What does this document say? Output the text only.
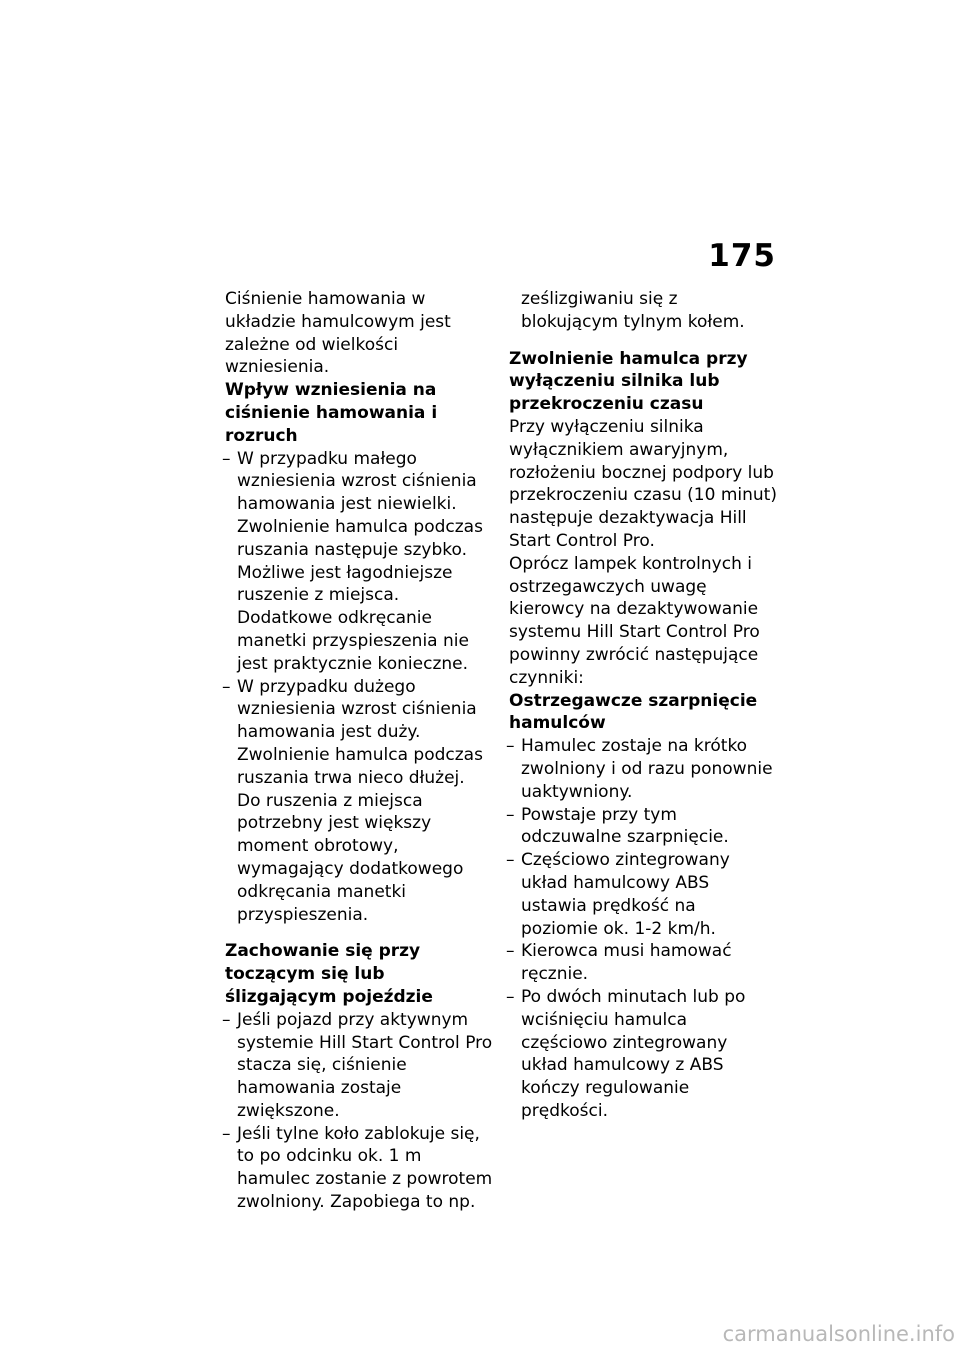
175

Ciśnienie hamowania w układzie hamulcowym jest zależne od wielkości wzniesienia.

Wpływ wzniesienia na ciśnienie hamowania i rozruch

– W przypadku małego wzniesienia wzrost ciśnienia hamowania jest niewielki. Zwolnienie hamulca podczas ruszania następuje szybko. Możliwe jest łagodniejsze ruszenie z miejsca. Dodatkowe odkręcanie manetki przyspieszenia nie jest praktycznie konieczne.
– W przypadku dużego wzniesienia wzrost ciśnienia hamowania jest duży. Zwolnienie hamulca podczas ruszania trwa nieco dłużej. Do ruszenia z miejsca potrzebny jest większy moment obrotowy, wymagający dodatkowego odkręcania manetki przyspieszenia.

Zachowanie się przy toczącym się lub ślizgającym pojeździe

– Jeśli pojazd przy aktywnym systemie Hill Start Control Pro stacza się, ciśnienie hamowania zostaje zwiększone.
– Jeśli tylne koło zablokuje się, to po odcinku ok. 1 m hamulec zostanie z powrotem zwolniony. Zapobiega to np.

ześlizgiwaniu się z blokującym tylnym kołem.

Zwolnienie hamulca przy wyłączeniu silnika lub przekroczeniu czasu

Przy wyłączeniu silnika wyłącznikiem awaryjnym, rozłożeniu bocznej podpory lub przekroczeniu czasu (10 minut) następuje dezaktywacja Hill Start Control Pro.

Oprócz lampek kontrolnych i ostrzegawczych uwagę kierowcy na dezaktywowanie systemu Hill Start Control Pro powinny zwrócić następujące czynniki:

Ostrzegawcze szarpnięcie hamulców

– Hamulec zostaje na krótko zwolniony i od razu ponownie uaktywniony.
– Powstaje przy tym odczuwalne szarpnięcie.
– Częściowo zintegrowany układ hamulcowy ABS ustawia prędkość na poziomie ok. 1-2 km/h.
– Kierowca musi hamować ręcznie.
– Po dwóch minutach lub po wciśnięciu hamulca częściowo zintegrowany układ hamulcowy z ABS kończy regulowanie prędkości.
carmanualsonline.info
